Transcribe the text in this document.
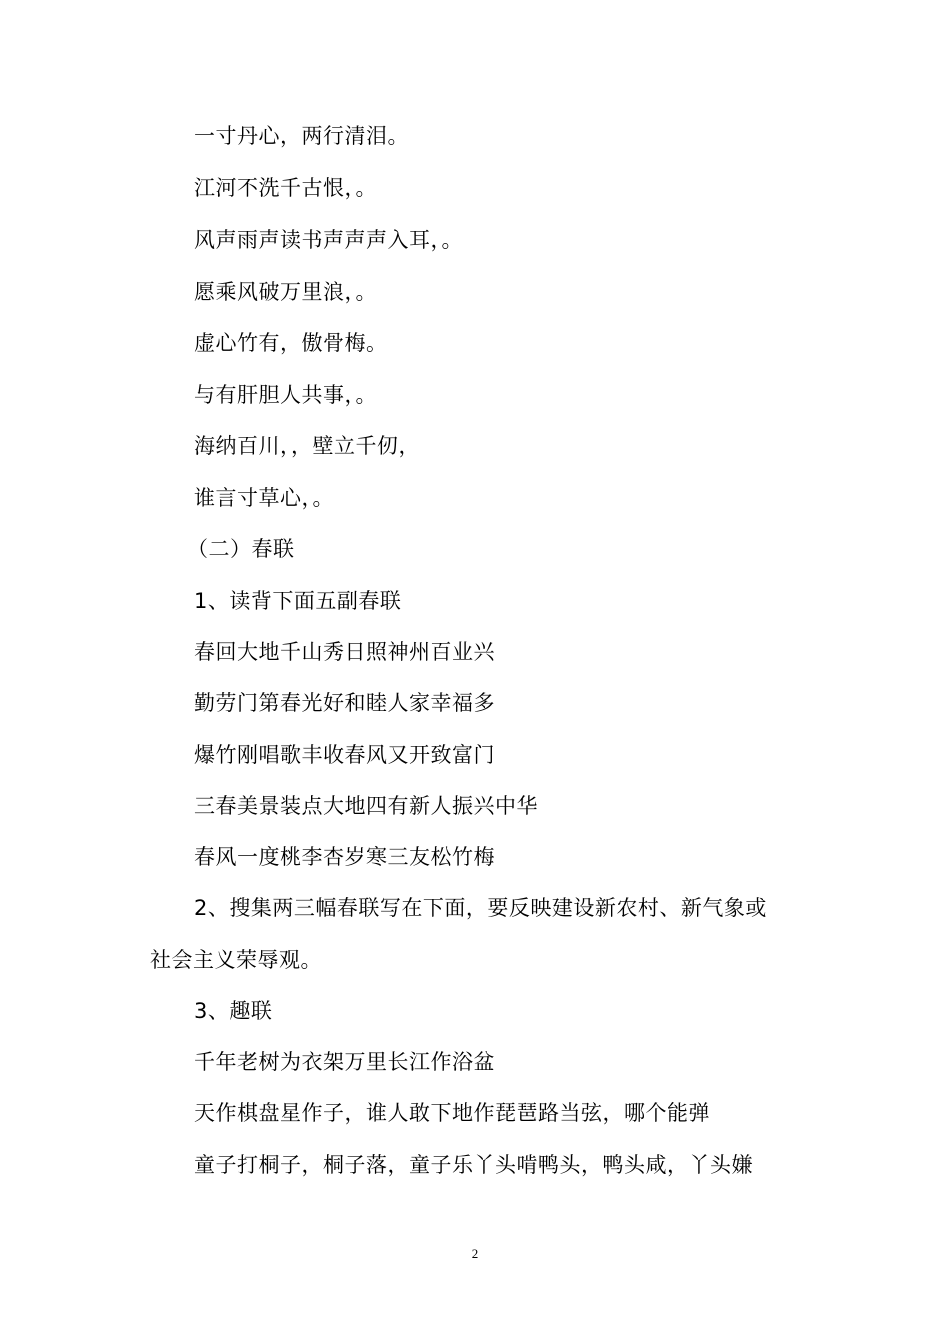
一寸丹心，两行清泪。
江河不洗千古恨，。
风声雨声读书声声声入耳，。
愿乘风破万里浪，。
虚心竹有，傲骨梅。
与有肝胆人共事，。
海纳百川，，壁立千仞，
谁言寸草心，。
（二）春联
1、读背下面五副春联
春回大地千山秀日照神州百业兴
勤劳门第春光好和睦人家幸福多
爆竹刚唱歌丰收春风又开致富门
三春美景装点大地四有新人振兴中华
春风一度桃李杏岁寒三友松竹梅
2、搜集两三幅春联写在下面，要反映建设新农村、新气象或
社会主义荣辱观。
3、趣联
千年老树为衣架万里长江作浴盆
天作棋盘星作子，谁人敢下地作琵琶路当弦，哪个能弹
童子打桐子，桐子落，童子乐丫头啃鸭头，鸭头咸，丫头嫌
2
